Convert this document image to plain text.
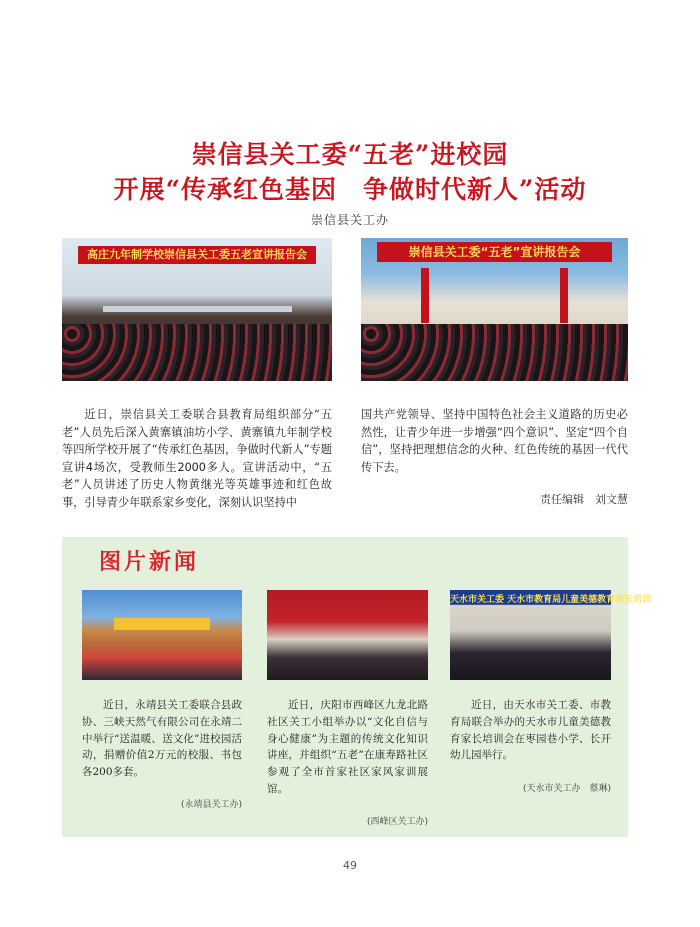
崇信县关工委“五老”进校园
开展“传承红色基因　争做时代新人”活动
崇信县关工办
高庄九年制学校崇信县关工委五老宣讲报告会	崇信县关工委“五老”宣讲报告会
近日，崇信县关工委联合县教育局组织部分“五老”人员先后深入黄寨镇油坊小学、黄寨镇九年制学校等四所学校开展了“传承红色基因，争做时代新人”专题宣讲4场次，受教师生2000多人。宣讲活动中，“五老”人员讲述了历史人物黄继光等英雄事迹和红色故事，引导青少年联系家乡变化，深刻认识坚持中
国共产党领导、坚持中国特色社会主义道路的历史必然性，让青少年进一步增强“四个意识”、坚定“四个自信”，坚持把理想信念的火种、红色传统的基因一代代传下去。
责任编辑　刘文慧
图片新闻
天水市关工委 天水市教育局儿童美德教育家长培训
近日，永靖县关工委联合县政协、三峡天然气有限公司在永靖二中举行“送温暖、送文化”进校园活动，捐赠价值2万元的校服、书包各200多套。
近日，庆阳市西峰区九龙北路社区关工小组举办以“文化自信与身心健康”为主题的传统文化知识讲座，并组织“五老”在康寿路社区参观了全市首家社区家风家训展馆。
近日，由天水市关工委、市教育局联合举办的天水市儿童美德教育家长培训会在枣园巷小学、长开幼儿园举行。
(永靖县关工办)
(西峰区关工办)
(天水市关工办　蔡琳)
49
